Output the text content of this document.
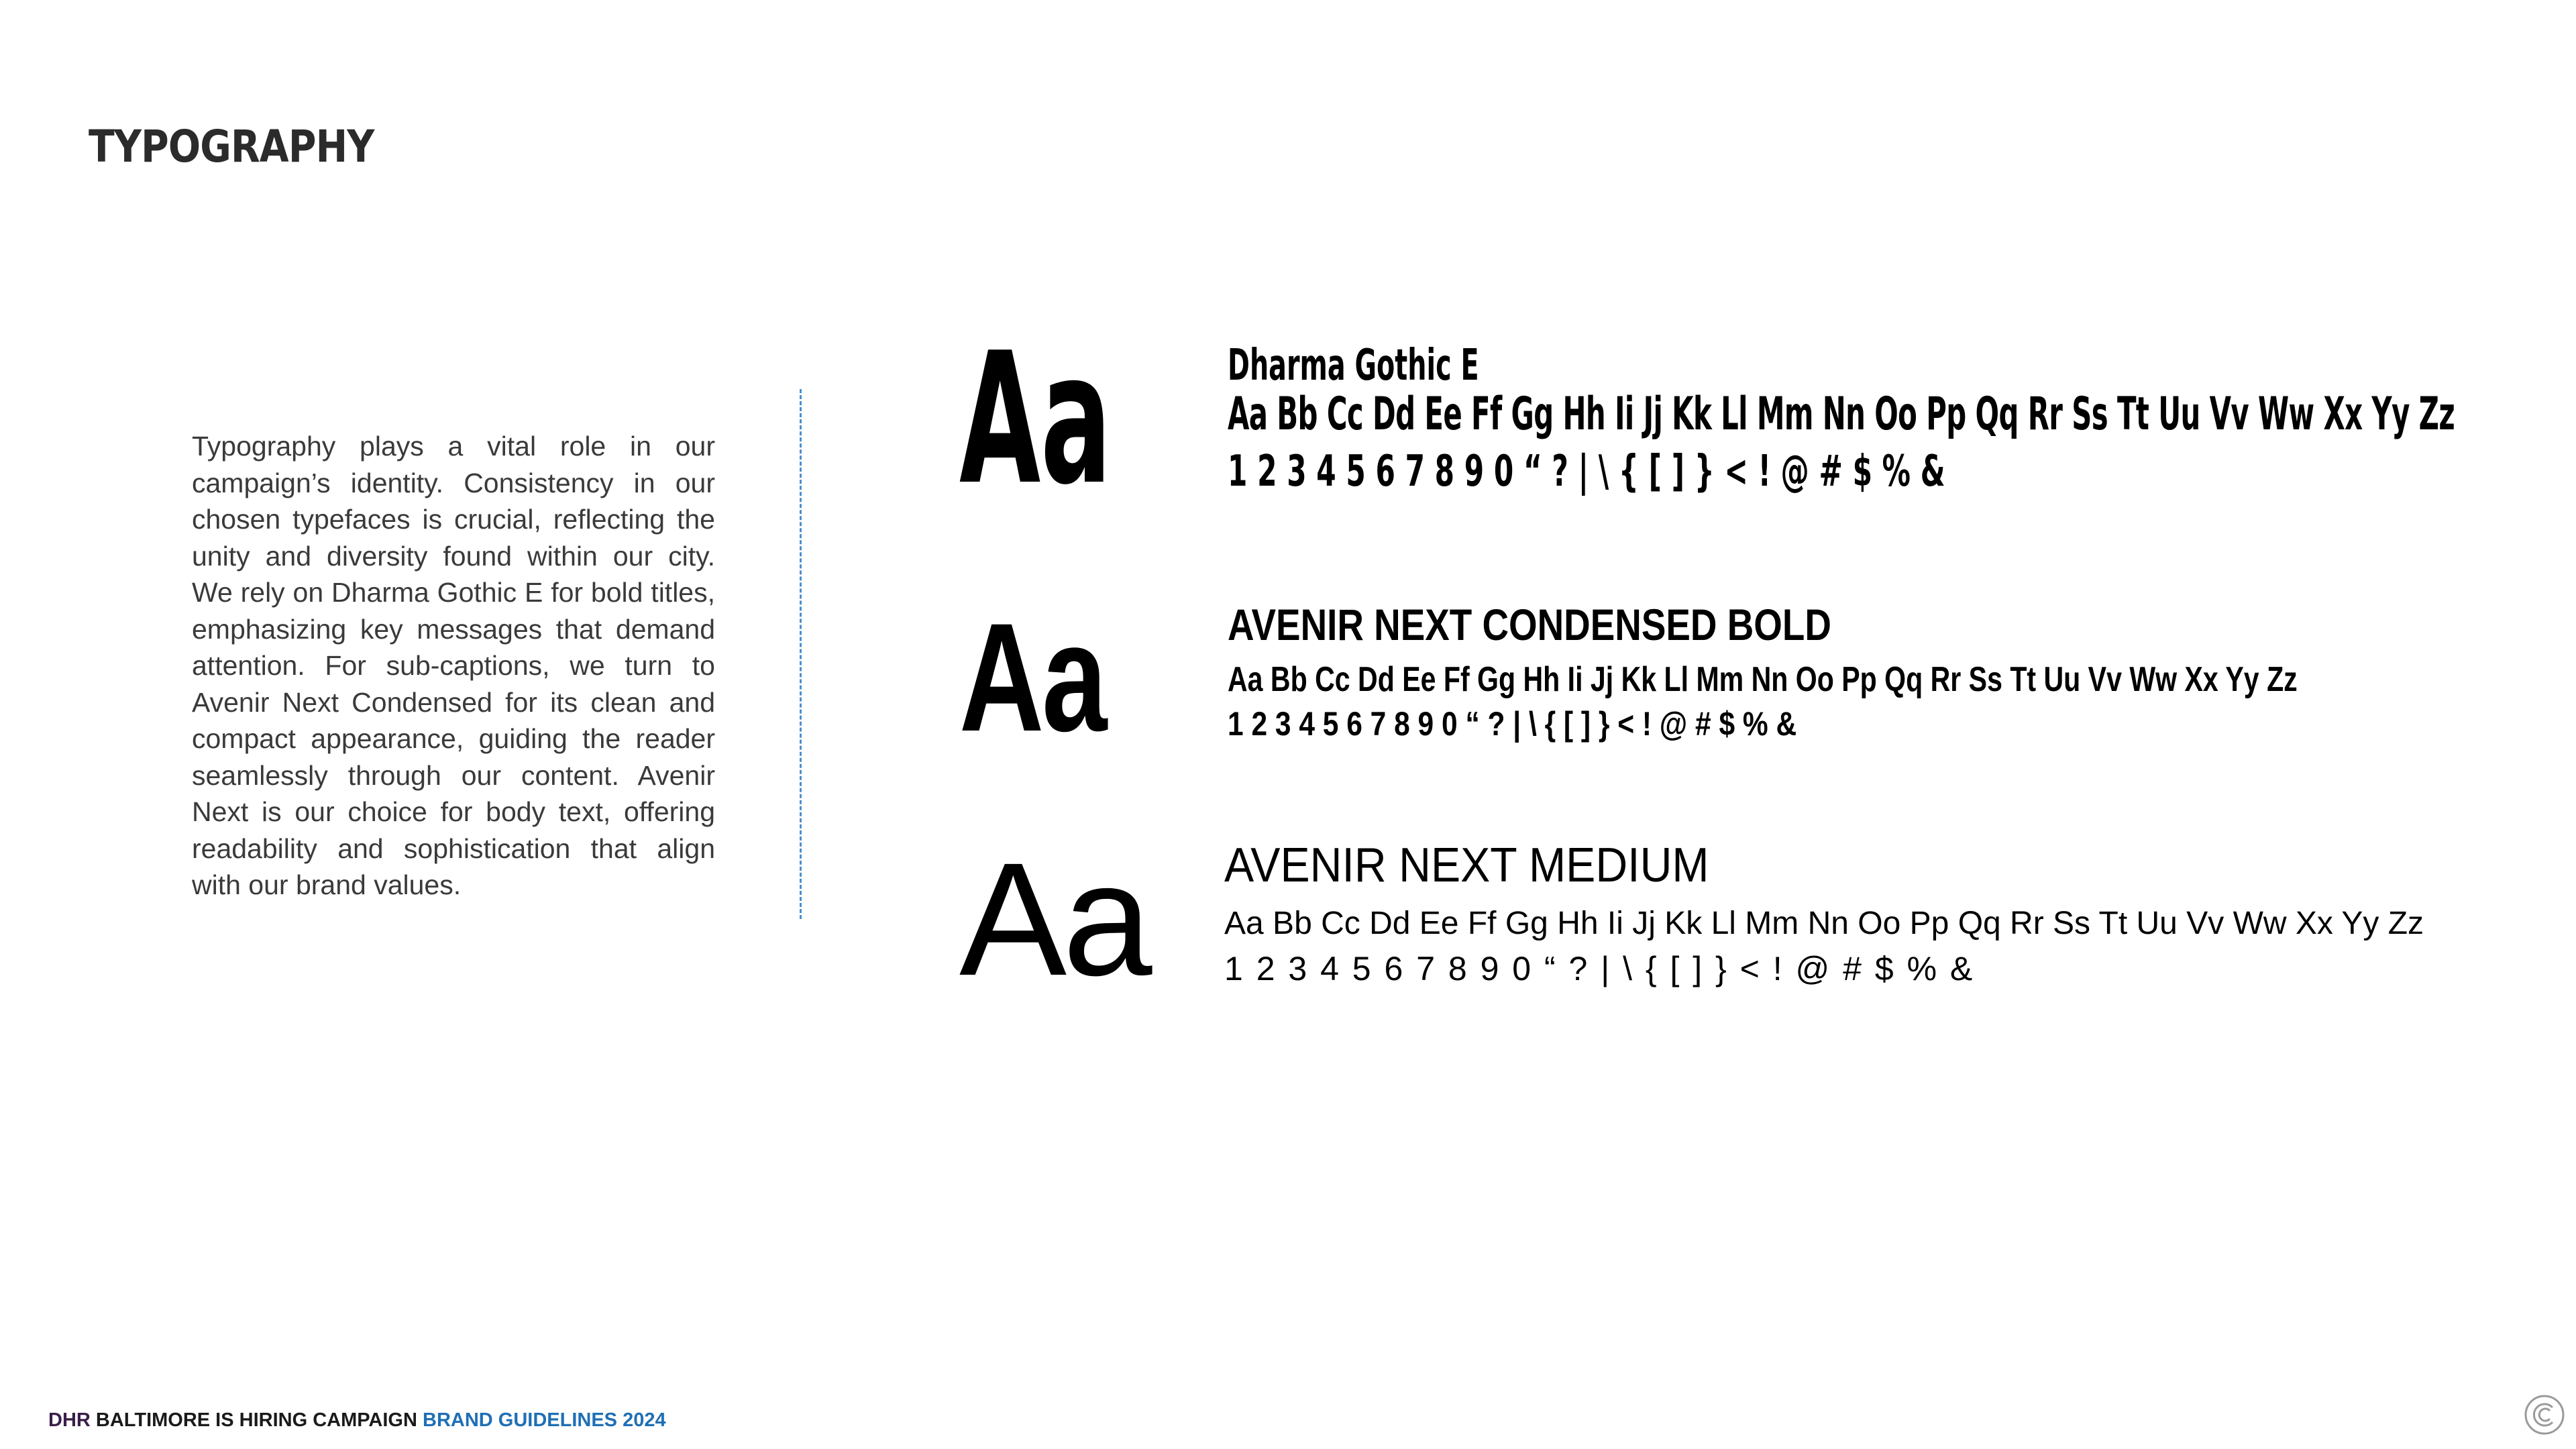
TYPOGRAPHY
Typography plays a vital role in our campaign’s identity. Consistency in our chosen typefaces is crucial, reflecting the unity and diversity found within our city. We rely on Dharma Gothic E for bold titles, emphasizing key messages that demand attention. For sub-captions, we turn to Avenir Next Condensed for its clean and compact appearance, guiding the reader seamlessly through our content. Avenir Next is our choice for body text, offering readability and sophistication that align with our brand values.
Aa	Dharma Gothic E
Aa Bb Cc Dd Ee Ff Gg Hh Ii Jj Kk Ll Mm Nn Oo Pp Qq Rr Ss Tt Uu Vv Ww Xx Yy Zz
1 2 3 4 5 6 7 8 9 0 “ ? | \ { [ ] } < ! @ # $ % &
Aa	AVENIR NEXT CONDENSED BOLD
Aa Bb Cc Dd Ee Ff Gg Hh Ii Jj Kk Ll Mm Nn Oo Pp Qq Rr Ss Tt Uu Vv Ww Xx Yy Zz
1 2 3 4 5 6 7 8 9 0 “ ? | \ { [ ] } < ! @ # $ % &
Aa AVENIR NEXT MEDIUM
Aa Bb Cc Dd Ee Ff Gg Hh Ii Jj Kk Ll Mm Nn Oo Pp Qq Rr Ss Tt Uu Vv Ww Xx Yy Zz
1 2 3 4 5 6 7 8 9 0 “ ? | \ { [ ] } < ! @ # $ % &
DHR BALTIMORE IS HIRING CAMPAIGN BRAND GUIDELINES 2024
